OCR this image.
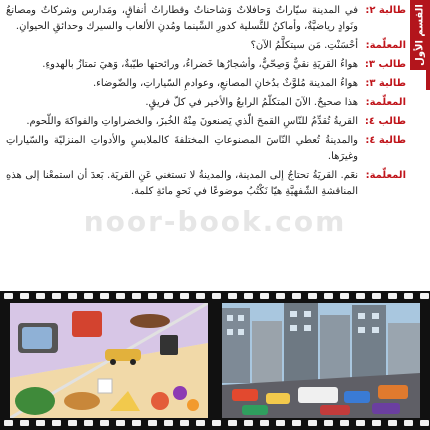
القسم الأول
طالبة ٢:
في المدينة سيّاراتٌ وَحافلاتٌ وَشاحناتٌ وقطاراتُ أنفاقٍ، ومَدارس وشركاتٌ ومصانعُ ونَوادٍ رياضيَّةٌ، وأماكنُ للتَّسلية كدورِ السِّينما ومُدنِ الألعاب والسيرك وحدائقِ الحيوانِ.
المعلّمة:
أحْسَنْتِ. مَن سيتكلَّمُ الآن؟
طالب ٣:
هواءُ القريَةِ نقيٌّ وَصِحّيٌّ، وأشجارُها خَضراءُ، ورائحتها طيّبةٌ، وَهيَ تمتازُ بالهدوءِ.
طالبة ٣:
هواءُ المدينة مُلوَّثٌ بدُخانِ المصانعِ، وعوادمِ السّياراتِ، والضّوضاء.
المعلّمة:
هذا صحيحٌ. الآنَ المتكلّمُ الرابعُ والأخير في كلّ فريقٍ.
طالب ٤:
القريةُ تُقدِّمُ للنّاسِ القمحَ الّذي يَصنعونَ مِنْهُ الخُبزَ، والخضراواتِ والفواكهَ واللّحوم.
طالبة ٤:
والمدينةُ تُعطي النّاسَ المصنوعاتِ المختلفةَ كالملابسِ والأدواتِ المنزليّة والسّياراتِ وغيرَها.
المعلّمة:
نعَم. القريَةُ تحتاجُ إلى المدينة، والمدينةُ لا تستغني عَنِ القريَة. بَعدَ أن استمعْنا إلى هذهِ المناقشةِ الشّفهيَّةِ هيّا نَكْتُبُ موضوعًا في نَحوِ مائةِ كلمة.
noor-book.com
